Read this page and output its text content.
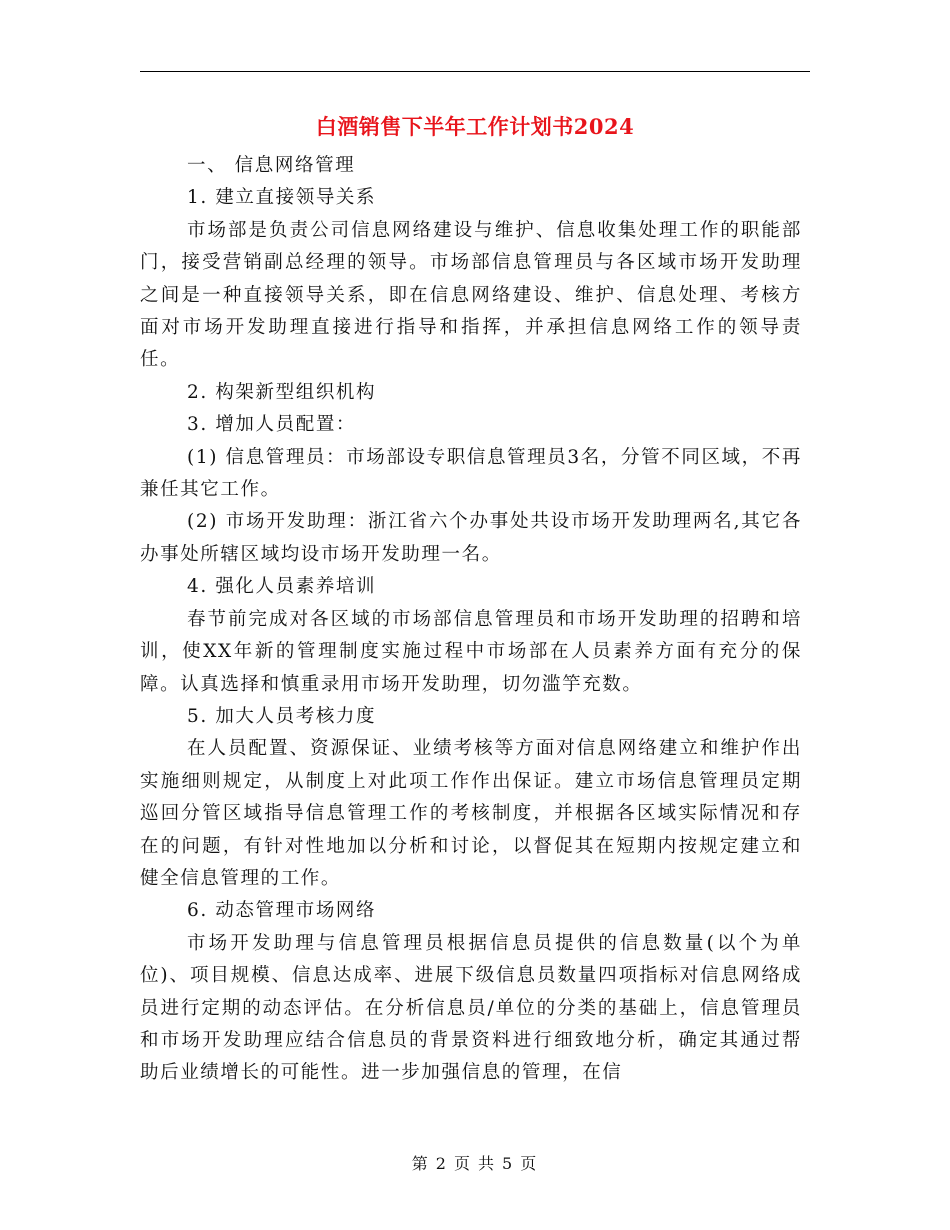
白酒销售下半年工作计划书2024

一、 信息网络管理

1. 建立直接领导关系

市场部是负责公司信息网络建设与维护、信息收集处理工作的职能部门，接受营销副总经理的领导。市场部信息管理员与各区域市场开发助理之间是一种直接领导关系，即在信息网络建设、维护、信息处理、考核方面对市场开发助理直接进行指导和指挥，并承担信息网络工作的领导责任。

2. 构架新型组织机构

3. 增加人员配置：

(1) 信息管理员：市场部设专职信息管理员3名，分管不同区域，不再兼任其它工作。

(2) 市场开发助理：浙江省六个办事处共设市场开发助理两名,其它各办事处所辖区域均设市场开发助理一名。

4. 强化人员素养培训

春节前完成对各区域的市场部信息管理员和市场开发助理的招聘和培训，使XX年新的管理制度实施过程中市场部在人员素养方面有充分的保障。认真选择和慎重录用市场开发助理，切勿滥竽充数。

5. 加大人员考核力度

在人员配置、资源保证、业绩考核等方面对信息网络建立和维护作出实施细则规定，从制度上对此项工作作出保证。建立市场信息管理员定期巡回分管区域指导信息管理工作的考核制度，并根据各区域实际情况和存在的问题，有针对性地加以分析和讨论，以督促其在短期内按规定建立和健全信息管理的工作。

6. 动态管理市场网络

市场开发助理与信息管理员根据信息员提供的信息数量(以个为单位)、项目规模、信息达成率、进展下级信息员数量四项指标对信息网络成员进行定期的动态评估。在分析信息员/单位的分类的基础上，信息管理员和市场开发助理应结合信息员的背景资料进行细致地分析，确定其通过帮助后业绩增长的可能性。进一步加强信息的管理，在信

第 2 页 共 5 页
